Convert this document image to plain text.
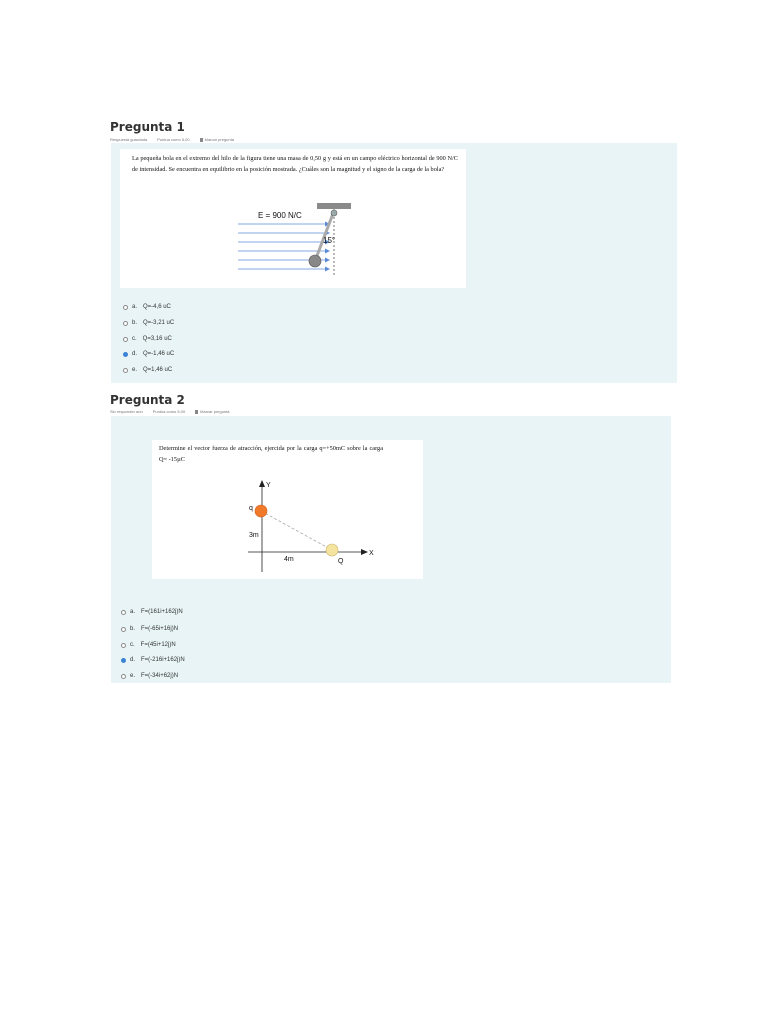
Pregunta 1
Respuesta guardada	Puntúa como 5,00	Marcar pregunta

La pequeña bola en el extremo del hilo de la figura tiene una masa de 0,50 g y está en un campo eléctrico horizontal de 900 N/C de intensidad. Se encuentra en equilibrio en la posición mostrada. ¿Cuáles son la magnitud y el signo de la carga de la bola?

E = 900 N/C
15°
a. Q=-4,6 uC
b. Q=-3,21 uC
c. Q=3,16 uC
d. Q=-1,46 uC
e. Q=1,46 uC
Pregunta 2
Sin responder aún	Puntúa como 5,00	Marcar pregunta

Determine el vector fuerza de atracción, ejercida por la carga q=+50mC sobre la carga Q= -15µC

Y
X
q
Q
3m
4m
a. F=(161i+162j)N
b. F=(-65i+16j)N
c. F=(45i+12j)N
d. F=(-216i+162j)N
e. F=(-34i+62j)N
